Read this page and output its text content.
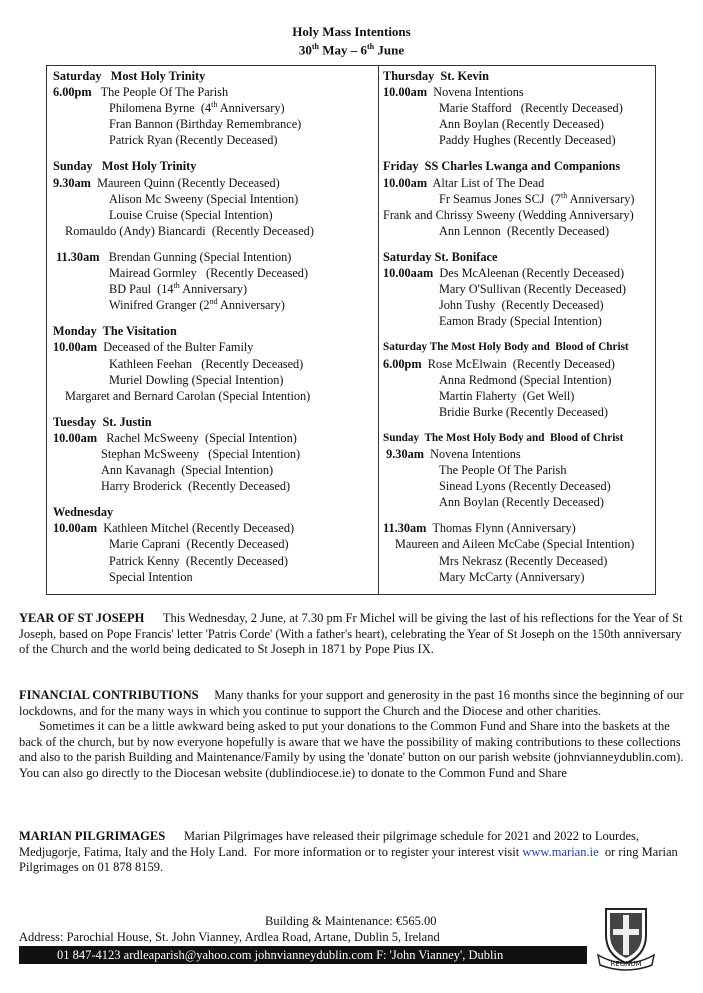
Holy Mass Intentions
30th May – 6th June
Saturday   Most Holy Trinity
6.00pm   The People Of The Parish
Philomena Byrne  (4th Anniversary)
Fran Bannon (Birthday Remembrance)
Patrick Ryan (Recently Deceased)
Sunday   Most Holy Trinity
9.30am  Maureen Quinn (Recently Deceased)
Alison Mc Sweeny (Special Intention)
Louise Cruise (Special Intention)
Romauldo (Andy) Biancardi  (Recently Deceased)
11.30am   Brendan Gunning (Special Intention)
Mairead Gormley   (Recently Deceased)
BD Paul  (14th Anniversary)
Winifred Granger (2nd Anniversary)
Monday  The Visitation
10.00am  Deceased of the Bulter Family
Kathleen Feehan   (Recently Deceased)
Muriel Dowling (Special Intention)
Margaret and Bernard Carolan (Special Intention)
Tuesday  St. Justin
10.00am   Rachel McSweeny  (Special Intention)
Stephan McSweeny   (Special Intention)
Ann Kavanagh  (Special Intention)
Harry Broderick  (Recently Deceased)
Wednesday
10.00am  Kathleen Mitchel (Recently Deceased)
Marie Caprani  (Recently Deceased)
Patrick Kenny  (Recently Deceased)
Special Intention
Thursday  St. Kevin
10.00am  Novena Intentions
Marie Stafford   (Recently Deceased)
Ann Boylan (Recently Deceased)
Paddy Hughes (Recently Deceased)
Friday  SS Charles Lwanga and Companions
10.00am  Altar List of The Dead
Fr Seamus Jones SCJ  (7th Anniversary)
Frank and Chrissy Sweeny (Wedding Anniversary)
Ann Lennon  (Recently Deceased)
Saturday St. Boniface
10.00aam  Des McAleenan (Recently Deceased)
Mary O'Sullivan (Recently Deceased)
John Tushy  (Recently Deceased)
Eamon Brady (Special Intention)
Saturday The Most Holy Body and  Blood of Christ
6.00pm  Rose McElwain  (Recently Deceased)
Anna Redmond (Special Intention)
Martin Flaherty  (Get Well)
Bridie Burke (Recently Deceased)
Sunday  The Most Holy Body and  Blood of Christ
9.30am  Novena Intentions
The People Of The Parish
Sinead Lyons (Recently Deceased)
Ann Boylan (Recently Deceased)
11.30am  Thomas Flynn (Anniversary)
Maureen and Aileen McCabe (Special Intention)
Mrs Nekrasz (Recently Deceased)
Mary McCarty (Anniversary)

YEAR OF ST JOSEPH      This Wednesday, 2 June, at 7.30 pm Fr Michel will be giving the last of his reflections for the Year of St Joseph, based on Pope Francis' letter 'Patris Corde' (With a father's heart), celebrating the Year of St Joseph on the 150th anniversary of the Church and the world being dedicated to St Joseph in 1871 by Pope Pius IX.

FINANCIAL CONTRIBUTIONS     Many thanks for your support and generosity in the past 16 months since the beginning of our lockdowns, and for the many ways in which you continue to support the Church and the Diocese and other charities.

Sometimes it can be a little awkward being asked to put your donations to the Common Fund and Share into the baskets at the back of the church, but by now everyone hopefully is aware that we have the possibility of making contributions to these collections and also to the parish Building and Maintenance/Family by using the 'donate' button on our parish website (johnvianneydublin.com). You can also go directly to the Diocesan website (dublindiocese.ie) to donate to the Common Fund and Share

MARIAN PILGRIMAGES      Marian Pilgrimages have released their pilgrimage schedule for 2021 and 2022 to Lourdes, Medjugorje, Fatima, Italy and the Holy Land.  For more information or to register your interest visit www.marian.ie  or ring Marian Pilgrimages on 01 878 8159.

Building & Maintenance: €565.00
Address: Parochial House, St. John Vianney, Ardlea Road, Artane, Dublin 5, Ireland
01 847-4123 ardleaparish@yahoo.com johnvianneydublin.com F: 'John Vianney', Dublin
REGNUM
